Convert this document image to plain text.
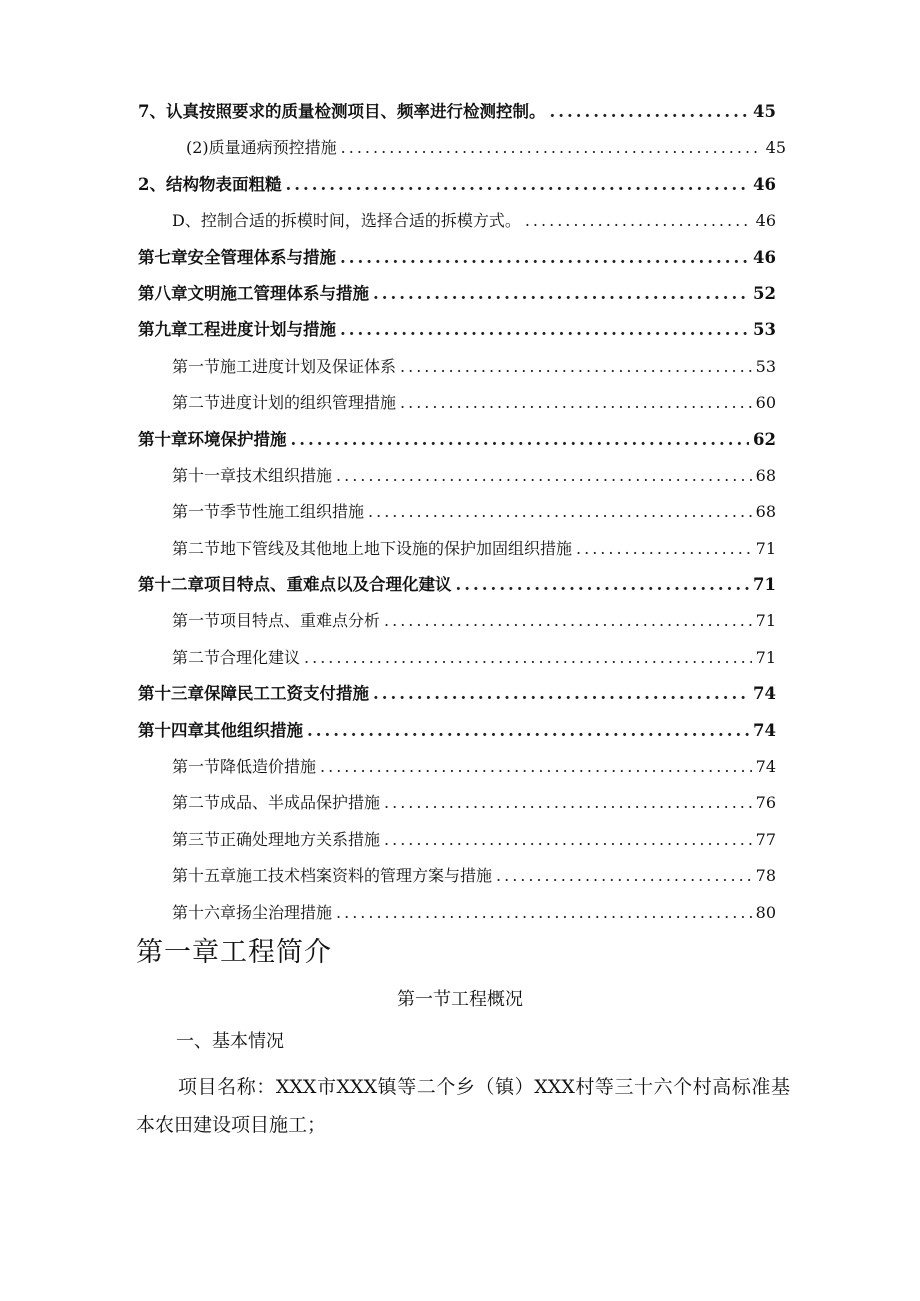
7、认真按照要求的质量检测项目、频率进行检测控制。 .....	45
(2)质量通病预控措施 .....	45
2、结构物表面粗糙 .....	46
D、控制合适的拆模时间，选择合适的拆模方式。 .....	46
第七章安全管理体系与措施 .....	46
第八章文明施工管理体系与措施 .....	52
第九章工程进度计划与措施 .....	53
第一节施工进度计划及保证体系 .....	53
第二节进度计划的组织管理措施 .....	60
第十章环境保护措施 .....	62
第十一章技术组织措施 .....	68
第一节季节性施工组织措施 .....	68
第二节地下管线及其他地上地下设施的保护加固组织措施 .....	71
第十二章项目特点、重难点以及合理化建议 .....	71
第一节项目特点、重难点分析 .....	71
第二节合理化建议 .....	71
第十三章保障民工工资支付措施 .....	74
第十四章其他组织措施 .....	74
第一节降低造价措施 .....	74
第二节成品、半成品保护措施 .....	76
第三节正确处理地方关系措施 .....	77
第十五章施工技术档案资料的管理方案与措施 .....	78
第十六章扬尘治理措施 .....	80
第一章工程简介
第一节工程概况
一、基本情况

项目名称：XXX市XXX镇等二个乡（镇）XXX村等三十六个村高标准基本农田建设项目施工；
